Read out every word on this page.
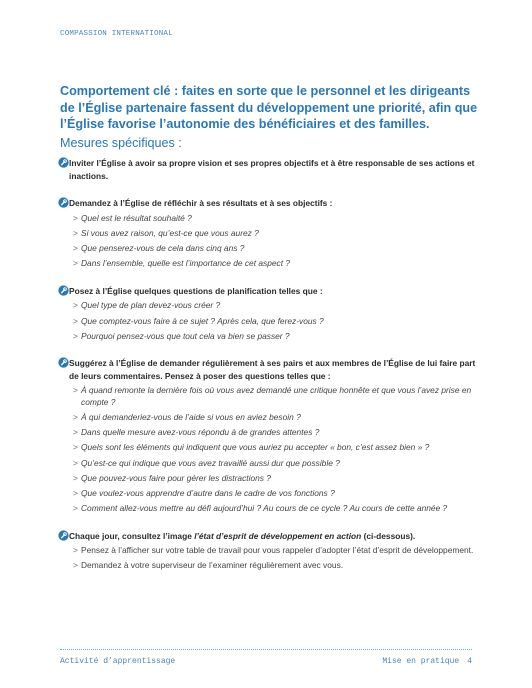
COMPASSION INTERNATIONAL
Comportement clé : faites en sorte que le personnel et les dirigeants de l’Église partenaire fassent du développement une priorité, afin que l’Église favorise l’autonomie des bénéficiaires et des familles.
Mesures spécifiques :
Inviter l’Église à avoir sa propre vision et ses propres objectifs et à être responsable de ses actions et inactions.
Demandez à l’Église de réfléchir à ses résultats et à ses objectifs :
> Quel est le résultat souhaité ?
> Si vous avez raison, qu’est-ce que vous aurez ?
> Que penserez-vous de cela dans cinq ans ?
> Dans l’ensemble, quelle est l’importance de cet aspect ?
Posez à l’Église quelques questions de planification telles que :
> Quel type de plan devez-vous créer ?
> Que comptez-vous faire à ce sujet ? Après cela, que ferez-vous ?
> Pourquoi pensez-vous que tout cela va bien se passer ?
Suggérez à l’Église de demander régulièrement à ses pairs et aux membres de l’Église de lui faire part de leurs commentaires. Pensez à poser des questions telles que :
> À quand remonte la dernière fois où vous avez demandé une critique honnête et que vous l’avez prise en compte ?
> À qui demanderiez-vous de l’aide si vous en aviez besoin ?
> Dans quelle mesure avez-vous répondu à de grandes attentes ?
> Quels sont les éléments qui indiquent que vous auriez pu accepter « bon, c’est assez bien » ?
> Qu’est-ce qui indique que vous avez travaillé aussi dur que possible ?
> Que pouvez-vous faire pour gérer les distractions ?
> Que voulez-vous apprendre d’autre dans le cadre de vos fonctions ?
> Comment allez-vous mettre au défi aujourd’hui ? Au cours de ce cycle ? Au cours de cette année ?
Chaque jour, consultez l’image l’état d’esprit de développement en action (ci-dessous).
> Pensez à l’afficher sur votre table de travail pour vous rappeler d’adopter l’état d’esprit de développement.
> Demandez à votre superviseur de l’examiner régulièrement avec vous.
Activité d’apprentissage	Mise en pratique 4
